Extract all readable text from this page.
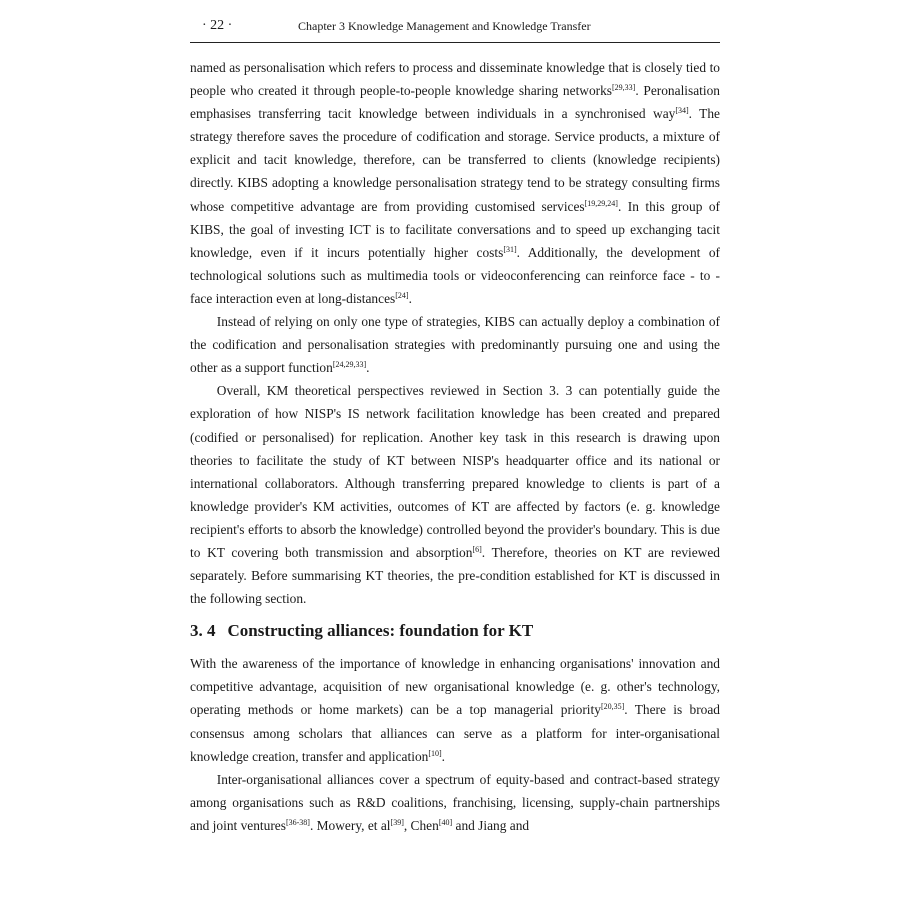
· 22 ·	Chapter 3 Knowledge Management and Knowledge Transfer

named as personalisation which refers to process and disseminate knowledge that is closely tied to people who created it through people-to-people knowledge sharing networks[29,33]. Peronalisation emphasises transferring tacit knowledge between individuals in a synchronised way[34]. The strategy therefore saves the procedure of codification and storage. Service products, a mixture of explicit and tacit knowledge, therefore, can be transferred to clients (knowledge recipients) directly. KIBS adopting a knowledge personalisation strategy tend to be strategy consulting firms whose competitive advantage are from providing customised services[19,29,24]. In this group of KIBS, the goal of investing ICT is to facilitate conversations and to speed up exchanging tacit knowledge, even if it incurs potentially higher costs[31]. Additionally, the development of technological solutions such as multimedia tools or videoconferencing can reinforce face - to - face interaction even at long-distances[24].

Instead of relying on only one type of strategies, KIBS can actually deploy a combination of the codification and personalisation strategies with predominantly pursuing one and using the other as a support function[24,29,33].

Overall, KM theoretical perspectives reviewed in Section 3. 3 can potentially guide the exploration of how NISP's IS network facilitation knowledge has been created and prepared (codified or personalised) for replication. Another key task in this research is drawing upon theories to facilitate the study of KT between NISP's headquarter office and its national or international collaborators. Although transferring prepared knowledge to clients is part of a knowledge provider's KM activities, outcomes of KT are affected by factors (e. g. knowledge recipient's efforts to absorb the knowledge) controlled beyond the provider's boundary. This is due to KT covering both transmission and absorption[6]. Therefore, theories on KT are reviewed separately. Before summarising KT theories, the pre-condition established for KT is discussed in the following section.

3. 4 Constructing alliances: foundation for KT

With the awareness of the importance of knowledge in enhancing organisations' innovation and competitive advantage, acquisition of new organisational knowledge (e. g. other's technology, operating methods or home markets) can be a top managerial priority[20,35]. There is broad consensus among scholars that alliances can serve as a platform for inter-organisational knowledge creation, transfer and application[10].

Inter-organisational alliances cover a spectrum of equity-based and contract-based strategy among organisations such as R&D coalitions, franchising, licensing, supply-chain partnerships and joint ventures[36-38]. Mowery, et al[39], Chen[40] and Jiang and
